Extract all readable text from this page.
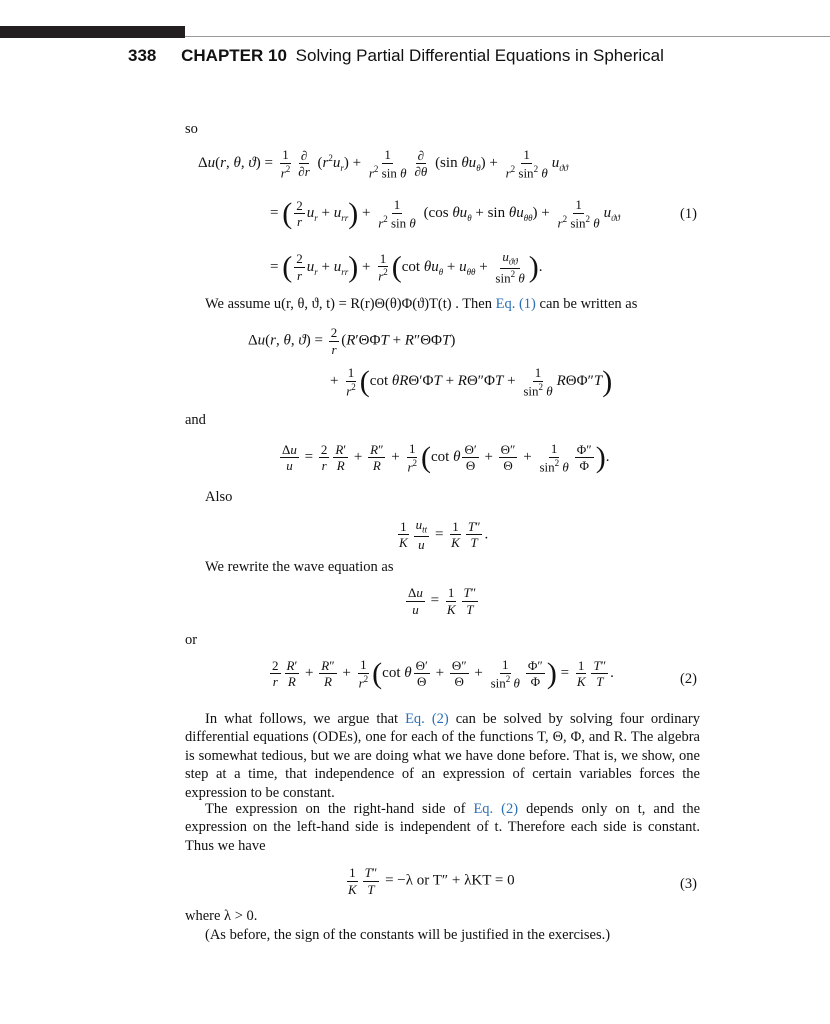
338 CHAPTER 10 Solving Partial Differential Equations in Spherical
so
Δu(r, θ, $ϑ) = \frac{1}{r^2} \frac{\partial}{\partial r} (r^2u_r) + \frac{1}{r^2 \sin \theta} \frac{\partial}{\partial\theta} (\sin$ $\theta u_\theta) + \frac{1}{r^2 \sin^2 \theta} u_{ϑϑ}$
= ( $\frac{2}{r} u_r + u_{rr}) + \frac{1}{r^2 \sin \theta} (\cos$ $\theta u_\theta + \sin \theta u_{\theta\theta}) + \frac{1}{r^2 \sin^2 \theta} u_{ϑϑ}$	(1)
= ( $\frac{2}{r} u_r + u_{rr}) + \frac{1}{r^2} (\cot$ $\theta u_\theta + u_{\theta\theta} + \frac{u_{ϑϑ}}{\sin^2 \theta}$ ).
We assume u(r, θ, ϑ, t) = R(r)Θ(θ)Φ(ϑ)T(t) . Then Eq. (1) can be written as
Δu(r, θ, $ϑ) = \frac{2}{r} (R'\Theta\Phi T + R''\Theta\Phi T)$
+ $\frac{1}{r^2} (\cot$ $\theta R\Theta'\Phi T + R\Theta''\Phi T + \frac{1}{\sin^2 \theta} R\Theta\Phi''T$)
and
$\frac{\Delta u}{u} = \frac{2}{r} \frac{R'}{R} + \frac{R''}{R} + \frac{1}{r^2} (\cot$ θ $\frac{\Theta'}{\Theta} + \frac{\Theta''}{\Theta} + \frac{1}{\sin^2 \theta} \frac{\Phi''}{\Phi}$ ).
Also
$\frac{1}{K} \frac{u_{tt}}{u} = \frac{1}{K} \frac{T''}{T}$ .
We rewrite the wave equation as
$\frac{\Delta u}{u} = \frac{1}{K} \frac{T''}{T}$
or
$\frac{2}{r} \frac{R'}{R} + \frac{R''}{R} + \frac{1}{r^2} (\cot$ θ $\frac{\Theta'}{\Theta} + \frac{\Theta''}{\Theta} + \frac{1}{\sin^2 \theta} \frac{\Phi''}{\Phi}$ ) = $\frac{1}{K} \frac{T''}{T}$ .	(2)
In what follows, we argue that Eq. (2) can be solved by solving four ordinary differential equations (ODEs), one for each of the functions T, Θ, Φ, and R. The algebra is somewhat tedious, but we are doing what we have done before. That is, we show, one step at a time, that independence of an expression of certain variables forces the expression to be constant.
The expression on the right-hand side of Eq. (2) depends only on t, and the expression on the left-hand side is independent of t. Therefore each side is constant. Thus we have
$\frac{1}{K} \frac{T''}{T} = -\lambda$ or T″ + λKT = 0	(3)
where λ > 0.
(As before, the sign of the constants will be justified in the exercises.)
